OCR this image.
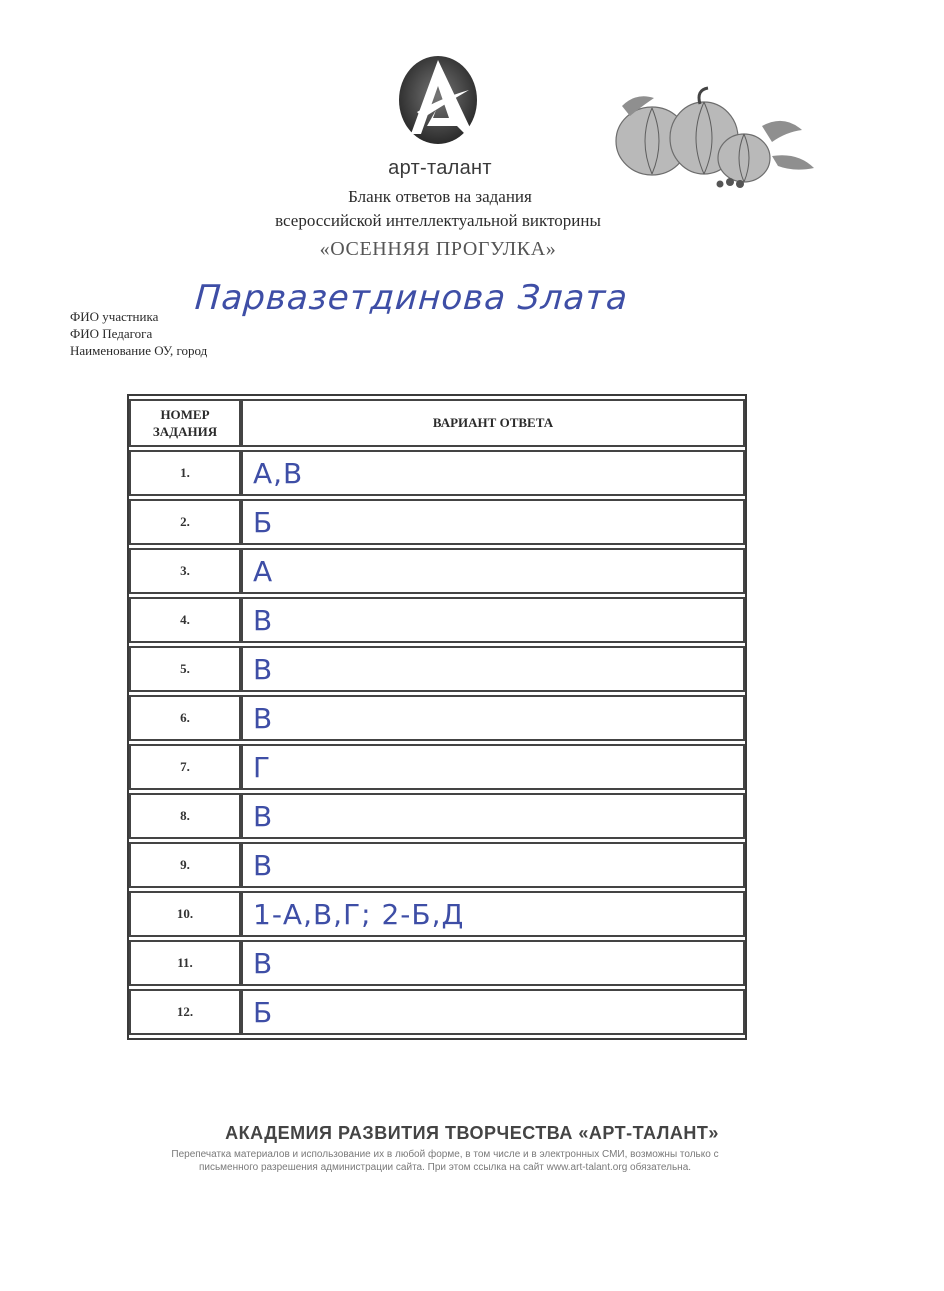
арт-талант
Бланк ответов на задания
всероссийской интеллектуальной викторины
«ОСЕННЯЯ ПРОГУЛКА»
ФИО участника Парвазетдинова Злата
ФИО Педагога
Наименование ОУ, город
НОМЕР ЗАДАНИЯ	ВАРИАНТ ОТВЕТА
1.	А,В
2.	Б
3.	А
4.	В
5.	В
6.	В
7.	Г
8.	В
9.	В
10.	1-А,В,Г; 2-Б,Д
11.	В
12.	Б
АКАДЕМИЯ РАЗВИТИЯ ТВОРЧЕСТВА «АРТ-ТАЛАНТ»
Перепечатка материалов и использование их в любой форме, в том числе и в электронных СМИ, возможны только с
письменного разрешения администрации сайта. При этом ссылка на сайт www.art-talant.org обязательна.
